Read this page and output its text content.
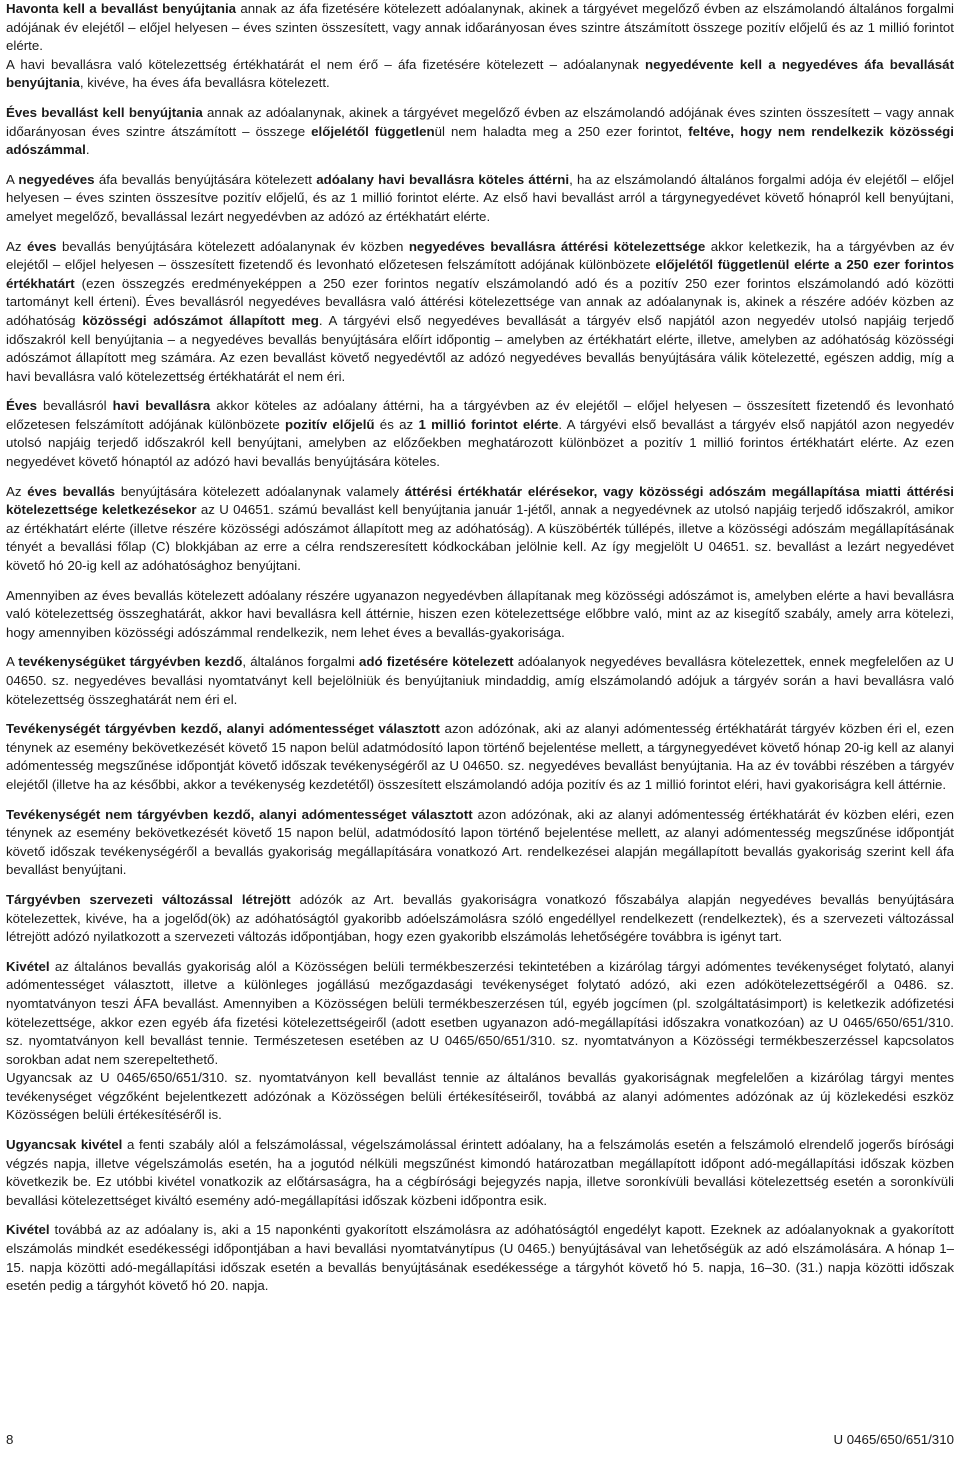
Havonta kell a bevallást benyújtania annak az áfa fizetésére kötelezett adóalanynak, akinek a tárgyévet megelőző évben az elszámolandó általános forgalmi adójának év elejétől – előjel helyesen – éves szinten összesített, vagy annak időarányosan éves szintre átszámított összege pozitív előjelű és az 1 millió forintot elérte.

A havi bevallásra való kötelezettség értékhatárát el nem érő – áfa fizetésére kötelezett – adóalanynak negyedévente kell a negyedéves áfa bevallását benyújtania, kivéve, ha éves áfa bevallásra kötelezett.

Éves bevallást kell benyújtania annak az adóalanynak, akinek a tárgyévet megelőző évben az elszámolandó adójának éves szinten összesített – vagy annak időarányosan éves szintre átszámított – összege előjelétől függetlenül nem haladta meg a 250 ezer forintot, feltéve, hogy nem rendelkezik közösségi adószámmal.

A negyedéves áfa bevallás benyújtására kötelezett adóalany havi bevallásra köteles áttérni, ha az elszámolandó általános forgalmi adója év elejétől – előjel helyesen – éves szinten összesítve pozitív előjelű, és az 1 millió forintot elérte. Az első havi bevallást arról a tárgynegyedévet követő hónapról kell benyújtani, amelyet megelőző, bevallással lezárt negyedévben az adózó az értékhatárt elérte.

Az éves bevallás benyújtására kötelezett adóalanynak év közben negyedéves bevallásra áttérési kötelezettsége akkor keletkezik, ha a tárgyévben az év elejétől – előjel helyesen – összesített fizetendő és levonható előzetesen felszámított adójának különbözete előjelétől függetlenül elérte a 250 ezer forintos értékhatárt (ezen összegzés eredményeképpen a 250 ezer forintos negatív elszámolandó adó és a pozitív 250 ezer forintos elszámolandó adó közötti tartományt kell érteni). Éves bevallásról negyedéves bevallásra való áttérési kötelezettsége van annak az adóalanynak is, akinek a részére adóév közben az adóhatóság közösségi adószámot állapított meg. A tárgyévi első negyedéves bevallását a tárgyév első napjától azon negyedév utolsó napjáig terjedő időszakról kell benyújtania – a negyedéves bevallás benyújtására előírt időpontig – amelyben az értékhatárt elérte, illetve, amelyben az adóhatóság közösségi adószámot állapított meg számára. Az ezen bevallást követő negyedévtől az adózó negyedéves bevallás benyújtására válik kötelezetté, egészen addig, míg a havi bevallásra való kötelezettség értékhatárát el nem éri.

Éves bevallásról havi bevallásra akkor köteles az adóalany áttérni, ha a tárgyévben az év elejétől – előjel helyesen – összesített fizetendő és levonható előzetesen felszámított adójának különbözete pozitív előjelű és az 1 millió forintot elérte. A tárgyévi első bevallást a tárgyév első napjától azon negyedév utolsó napjáig terjedő időszakról kell benyújtani, amelyben az előzőekben meghatározott különbözet a pozitív 1 millió forintos értékhatárt elérte. Az ezen negyedévet követő hónaptól az adózó havi bevallás benyújtására köteles.

Az éves bevallás benyújtására kötelezett adóalanynak valamely áttérési értékhatár elérésekor, vagy közösségi adószám megállapítása miatti áttérési kötelezettsége keletkezésekor az U 04651. számú bevallást kell benyújtania január 1-jétől, annak a negyedévnek az utolsó napjáig terjedő időszakról, amikor az értékhatárt elérte (illetve részére közösségi adószámot állapított meg az adóhatóság). A küszöbérték túllépés, illetve a közösségi adószám megállapításának tényét a bevallási főlap (C) blokkjában az erre a célra rendszeresített kódkockában jelölnie kell. Az így megjelölt U 04651. sz. bevallást a lezárt negyedévet követő hó 20-ig kell az adóhatósághoz benyújtani.

Amennyiben az éves bevallás kötelezett adóalany részére ugyanazon negyedévben állapítanak meg közösségi adószámot is, amelyben elérte a havi bevallásra való kötelezettség összeghatárát, akkor havi bevallásra kell áttérnie, hiszen ezen kötelezettsége előbbre való, mint az az kisegítő szabály, amely arra kötelezi, hogy amennyiben közösségi adószámmal rendelkezik, nem lehet éves a bevallás-gyakorisága.

A tevékenységüket tárgyévben kezdő, általános forgalmi adó fizetésére kötelezett adóalanyok negyedéves bevallásra kötelezettek, ennek megfelelően az U 04650. sz. negyedéves bevallási nyomtatványt kell bejelölniük és benyújtaniuk mindaddig, amíg elszámolandó adójuk a tárgyév során a havi bevallásra való kötelezettség összeghatárát nem éri el.

Tevékenységét tárgyévben kezdő, alanyi adómentességet választott azon adózónak, aki az alanyi adómentesség értékhatárát tárgyév közben éri el, ezen ténynek az esemény bekövetkezését követő 15 napon belül adatmódosító lapon történő bejelentése mellett, a tárgynegyedévet követő hónap 20-ig kell az alanyi adómentesség megszűnése időpontját követő időszak tevékenységéről az U 04650. sz. negyedéves bevallást benyújtania. Ha az év további részében a tárgyév elejétől (illetve ha az későbbi, akkor a tevékenység kezdetétől) összesített elszámolandó adója pozitív és az 1 millió forintot eléri, havi gyakoriságra kell áttérnie.

Tevékenységét nem tárgyévben kezdő, alanyi adómentességet választott azon adózónak, aki az alanyi adómentesség értékhatárát év közben eléri, ezen ténynek az esemény bekövetkezését követő 15 napon belül, adatmódosító lapon történő bejelentése mellett, az alanyi adómentesség megszűnése időpontját követő időszak tevékenységéről a bevallás gyakoriság megállapítására vonatkozó Art. rendelkezései alapján megállapított bevallás gyakoriság szerint kell áfa bevallást benyújtani.

Tárgyévben szervezeti változással létrejött adózók az Art. bevallás gyakoriságra vonatkozó főszabálya alapján negyedéves bevallás benyújtására kötelezettek, kivéve, ha a jogelőd(ök) az adóhatóságtól gyakoribb adóelszámolásra szóló engedéllyel rendelkezett (rendelkeztek), és a szervezeti változással létrejött adózó nyilatkozott a szervezeti változás időpontjában, hogy ezen gyakoribb elszámolás lehetőségére továbbra is igényt tart.

Kivétel az általános bevallás gyakoriság alól a Közösségen belüli termékbeszerzési tekintetében a kizárólag tárgyi adómentes tevékenységet folytató, alanyi adómentességet választott, illetve a különleges jogállású mezőgazdasági tevékenységet folytató adózó, aki ezen adókötelezettségéről a 0486. sz. nyomtatványon teszi ÁFA bevallást. Amennyiben a Közösségen belüli termékbeszerzésen túl, egyéb jogcímen (pl. szolgáltatásimport) is keletkezik adófizetési kötelezettsége, akkor ezen egyéb áfa fizetési kötelezettségeiről (adott esetben ugyanazon adó-megállapítási időszakra vonatkozóan) az U 0465/650/651/310. sz. nyomtatványon kell bevallást tennie. Természetesen esetében az U 0465/650/651/310. sz. nyomtatványon a Közösségi termékbeszerzéssel kapcsolatos sorokban adat nem szerepeltethető.

Ugyancsak az U 0465/650/651/310. sz. nyomtatványon kell bevallást tennie az általános bevallás gyakoriságnak megfelelően a kizárólag tárgyi mentes tevékenységet végzőként bejelentkezett adózónak a Közösségen belüli értékesítéseiről, továbbá az alanyi adómentes adózónak az új közlekedési eszköz Közösségen belüli értékesítéséről is.

Ugyancsak kivétel a fenti szabály alól a felszámolással, végelszámolással érintett adóalany, ha a felszámolás esetén a felszámoló elrendelő jogerős bírósági végzés napja, illetve végelszámolás esetén, ha a jogutód nélküli megszűnést kimondó határozatban megállapított időpont adó-megállapítási időszak közben következik be. Ez utóbbi kivétel vonatkozik az előtársaságra, ha a cégbírósági bejegyzés napja, illetve soronkívüli bevallási kötelezettség esetén a soronkívüli bevallási kötelezettséget kiváltó esemény adó-megállapítási időszak közbeni időpontra esik.

Kivétel továbbá az az adóalany is, aki a 15 naponkénti gyakorított elszámolásra az adóhatóságtól engedélyt kapott. Ezeknek az adóalanyoknak a gyakorított elszámolás mindkét esedékességi időpontjában a havi bevallási nyomtatványtípus (U 0465.) benyújtásával van lehetőségük az adó elszámolására. A hónap 1–15. napja közötti adó-megállapítási időszak esetén a bevallás benyújtásának esedékessége a tárgyhót követő hó 5. napja, 16–30. (31.) napja közötti időszak esetén pedig a tárgyhót követő hó 20. napja.

8	U 0465/650/651/310
